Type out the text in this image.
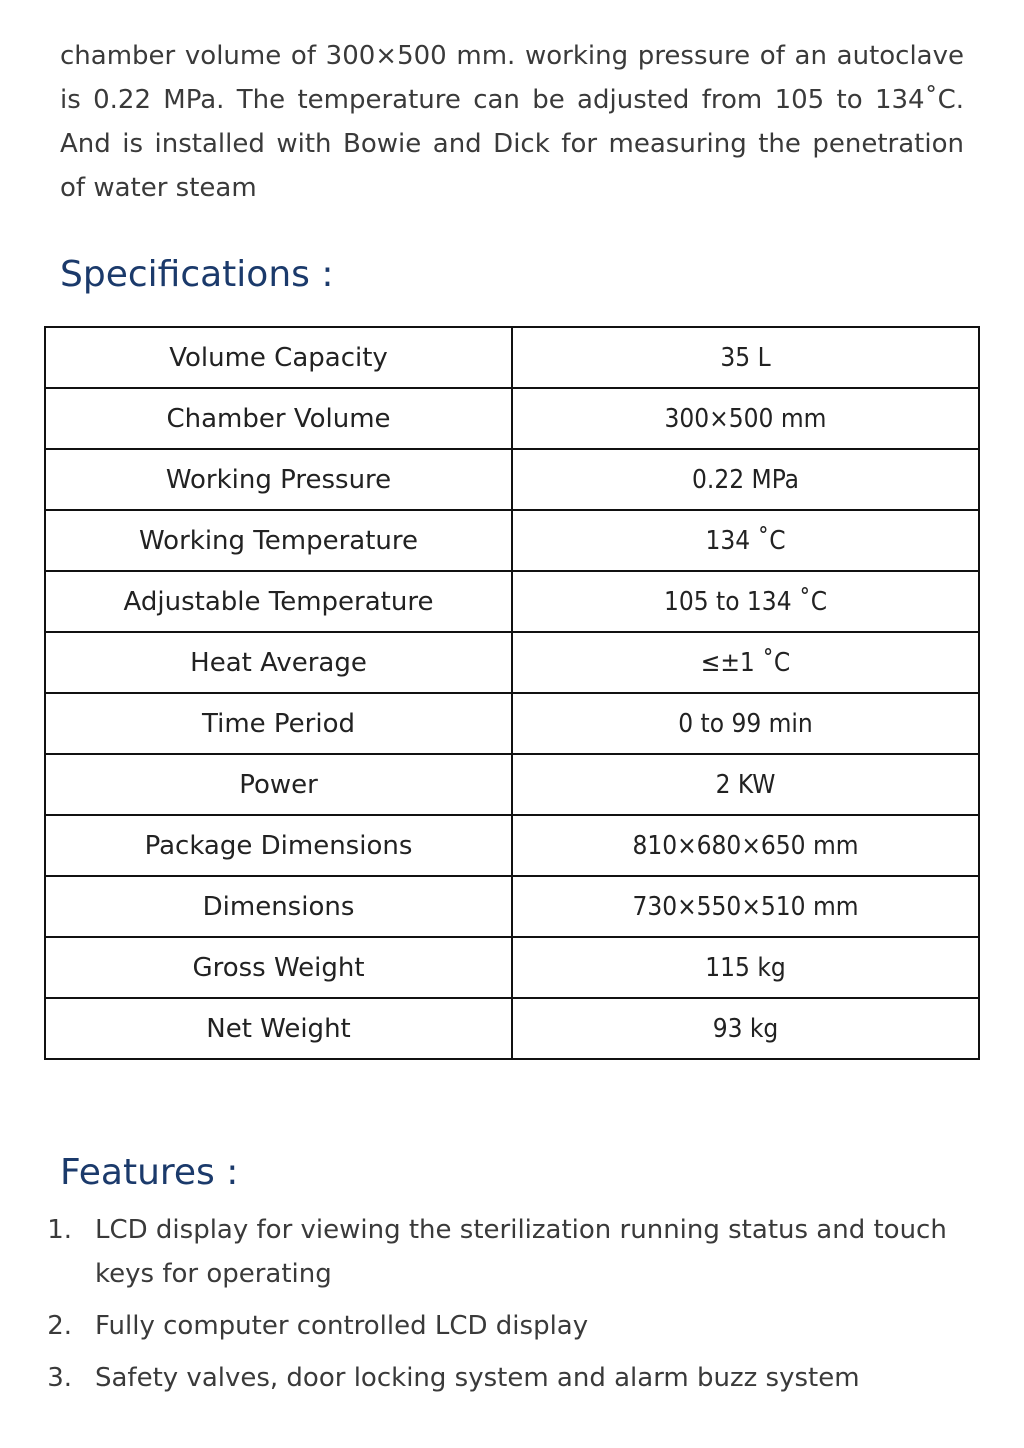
chamber volume of 300×500 mm. working pressure of an autoclave is 0.22 MPa. The temperature can be adjusted from 105 to 134˚C. And is installed with Bowie and Dick for measuring the penetration of water steam

Specifications :
Volume Capacity	35 L
Chamber Volume	300×500 mm
Working Pressure	0.22 MPa
Working Temperature	134 ˚C
Adjustable Temperature	105 to 134 ˚C
Heat Average	≤±1 ˚C
Time Period	0 to 99 min
Power	2 KW
Package Dimensions	810×680×650 mm
Dimensions	730×550×510 mm
Gross Weight	115 kg
Net Weight	93 kg
Features :
1. LCD display for viewing the sterilization running status and touch keys for operating
2. Fully computer controlled LCD display
3. Safety valves, door locking system and alarm buzz system
